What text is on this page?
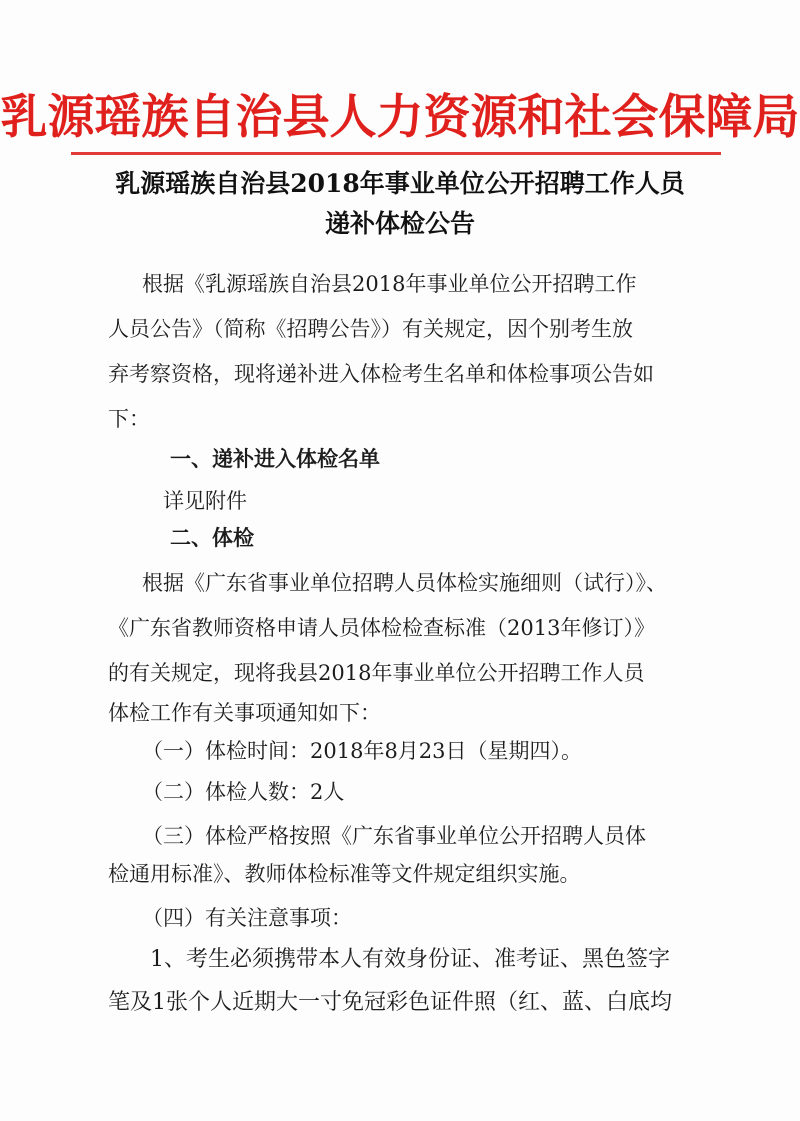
乳源瑶族自治县人力资源和社会保障局
乳源瑶族自治县2018年事业单位公开招聘工作人员
递补体检公告
根据《乳源瑶族自治县2018年事业单位公开招聘工作
人员公告》（简称《招聘公告》）有关规定，因个别考生放
弃考察资格，现将递补进入体检考生名单和体检事项公告如
下：
一、递补进入体检名单
详见附件
二、体检
根据《广东省事业单位招聘人员体检实施细则（试行）》、
《广东省教师资格申请人员体检检查标准（2013年修订）》
的有关规定，现将我县2018年事业单位公开招聘工作人员
体检工作有关事项通知如下：
（一）体检时间：2018年8月23日（星期四）。
（二）体检人数：2人
（三）体检严格按照《广东省事业单位公开招聘人员体
检通用标准》、教师体检标准等文件规定组织实施。
（四）有关注意事项：
1、考生必须携带本人有效身份证、准考证、黑色签字
笔及1张个人近期大一寸免冠彩色证件照（红、蓝、白底均
